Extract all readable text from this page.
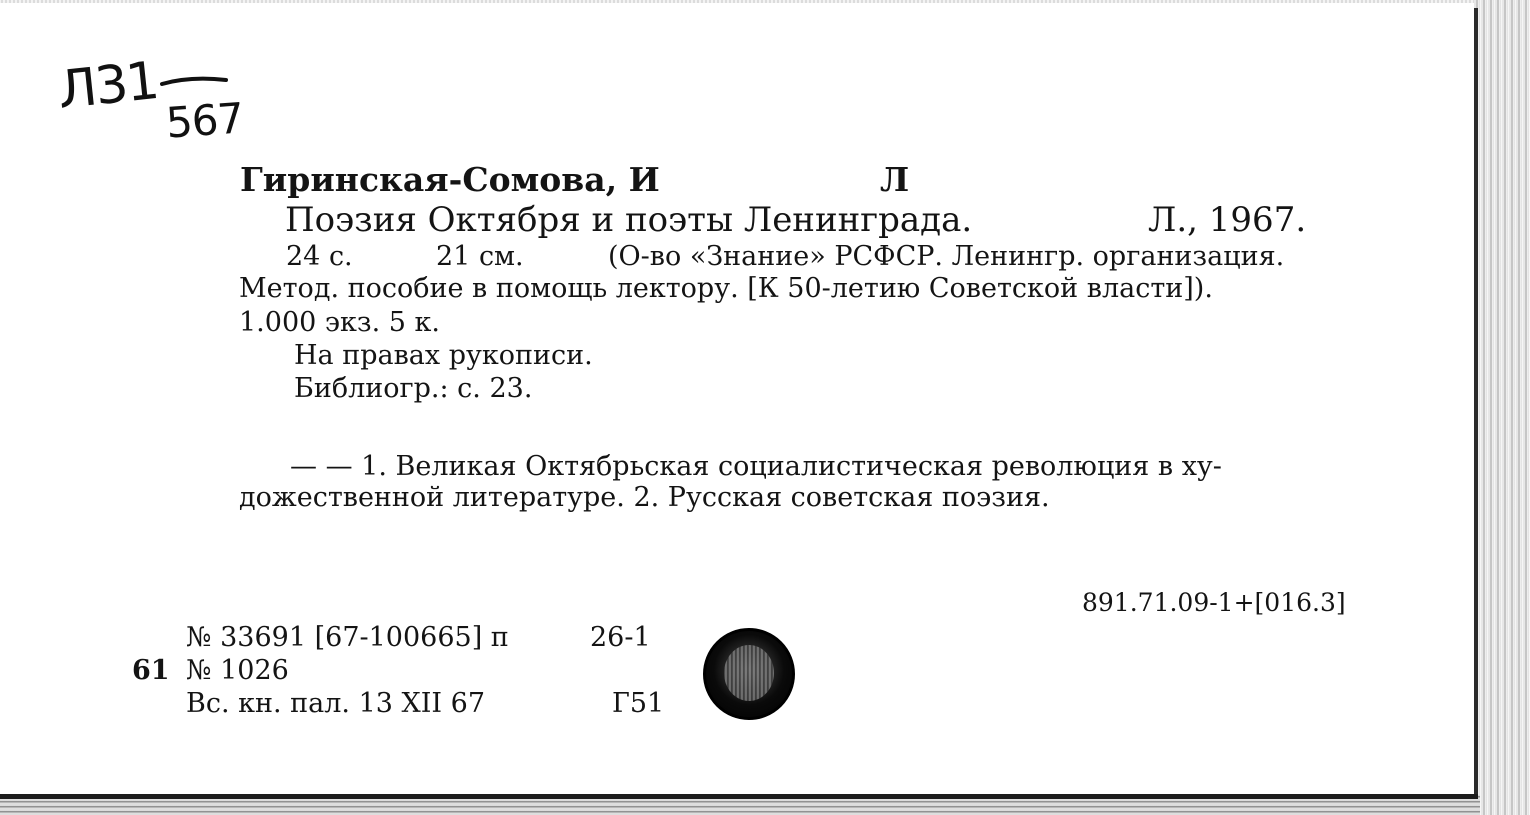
Л31 567
Гиринская-Сомова, И	Л
Поэзия Октября и поэты Ленинграда.	Л., 1967.
24 с.	21 см.	(О-во «Знание» РСФСР. Ленингр. организация.
Метод. пособие в помощь лектору. [К 50-летию Советской власти]).
1.000 экз. 5 к.
На правах рукописи.
Библиогр.: с. 23.
— — 1. Великая Октябрьская социалистическая революция в ху-
дожественной литературе. 2. Русская советская поэзия.
891.71.09-1+[016.3]
№ 33691 [67-100665] п	26-1
61 № 1026
Вс. кн. пал. 13 XII 67	Г51
